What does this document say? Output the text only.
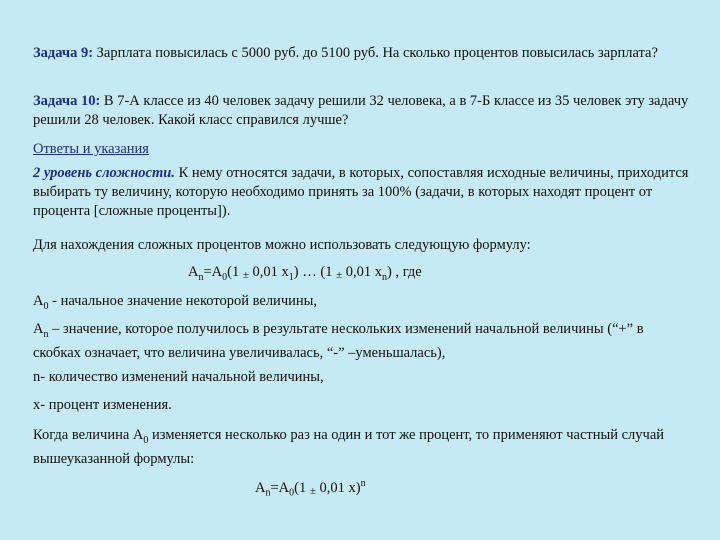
Задача 9: Зарплата повысилась с 5000 руб. до 5100 руб. На сколько процентов повысилась зарплата?
Задача 10: В 7-А классе из 40 человек задачу решили 32 человека, а в 7-Б классе из 35 человек эту задачу решили 28 человек. Какой класс справился лучше?
Ответы и указания
2 уровень сложности. К нему относятся задачи, в которых, сопоставляя исходные величины, приходится выбирать ту величину, которую необходимо принять за 100% (задачи, в которых находят процент от процента [сложные проценты]).
Для нахождения сложных процентов можно использовать следующую формулу:
$A_n=A_0(1 \pm 0,01$ $x_1$) … (1 ± 0,01 $x_n$) , где
$A_0$ - начальное значение некоторой величины,
$A_n$ – значение, которое получилось в результате нескольких изменений начальной величины (“+” в скобках означает, что величина увеличивалась, “-” –уменьшалась),
n- количество изменений начальной величины,
x- процент изменения.
Когда величина $A_0$ изменяется несколько раз на один и тот же процент, то применяют частный случай вышеуказанной формулы:
$A_n=A_0(1 \pm 0,01$ x)$^n$
